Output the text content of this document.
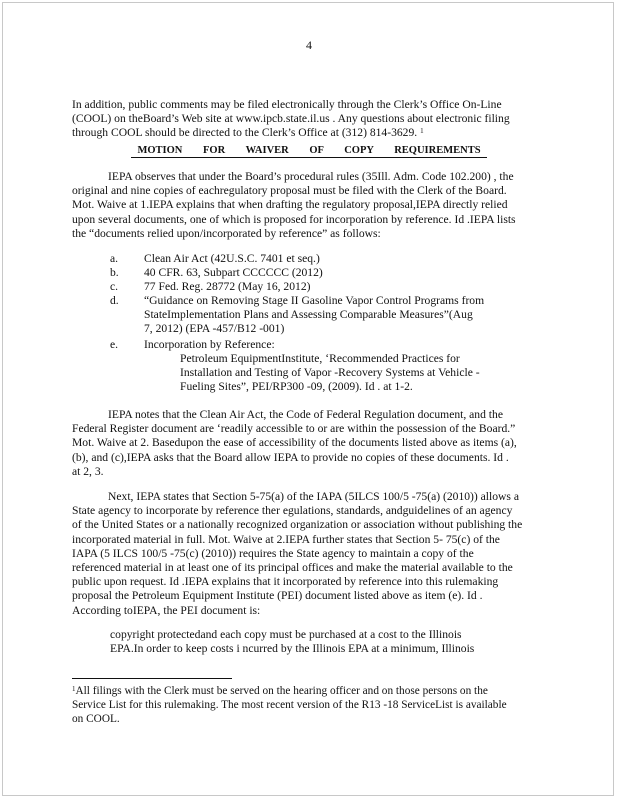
4
In addition, public comments may be filed electronically through the Clerk’s Office On-Line
(COOL) on theBoard’s Web site at www.ipcb.state.il.us . Any questions about electronic filing
through COOL should be directed to the Clerk’s Office at (312) 814-3629. $^1$
MOTION FOR WAIVER OF COPY REQUIREMENTS
IEPA observes that under the Board’s procedural rules (35Ill. Adm. Code 102.200) , the
original and nine copies of eachregulatory proposal must be filed with the Clerk of the Board.
Mot. Waive at 1.IEPA explains that when drafting the regulatory proposal,IEPA directly relied
upon several documents, one of which is proposed for incorporation by reference. Id .IEPA lists
the “documents relied upon/incorporated by reference” as follows:
a. Clean Air Act (42U.S.C. 7401 et seq.)
b. 40 CFR. 63, Subpart CCCCCC (2012)
c. 77 Fed. Reg. 28772 (May 16, 2012)
d. “Guidance on Removing Stage II Gasoline Vapor Control Programs from
StateImplementation Plans and Assessing Comparable Measures”(Aug
7, 2012) (EPA -457/B12 -001)
e. Incorporation by Reference:
Petroleum EquipmentInstitute, ‘Recommended Practices for
Installation and Testing of Vapor -Recovery Systems at Vehicle -
Fueling Sites”, PEI/RP300 -09, (2009). Id . at 1-2.
IEPA notes that the Clean Air Act, the Code of Federal Regulation document, and the
Federal Register document are ‘readily accessible to or are within the possession of the Board.”
Mot. Waive at 2. Basedupon the ease of accessibility of the documents listed above as items (a),
(b), and (c),IEPA asks that the Board allow IEPA to provide no copies of these documents. Id .
at 2, 3.
Next, IEPA states that Section 5-75(a) of the IAPA (5ILCS 100/5 -75(a) (2010)) allows a
State agency to incorporate by reference ther egulations, standards, andguidelines of an agency
of the United States or a nationally recognized organization or association without publishing the
incorporated material in full. Mot. Waive at 2.IEPA further states that Section 5- 75(c) of the
IAPA (5 ILCS 100/5 -75(c) (2010)) requires the State agency to maintain a copy of the
referenced material in at least one of its principal offices and make the material available to the
public upon request. Id .IEPA explains that it incorporated by reference into this rulemaking
proposal the Petroleum Equipment Institute (PEI) document listed above as item (e). Id .
According toIEPA, the PEI document is:
copyright protectedand each copy must be purchased at a cost to the Illinois
EPA.In order to keep costs i ncurred by the Illinois EPA at a minimum, Illinois
$^1$All filings with the Clerk must be served on the hearing officer and on those persons on the
Service List for this rulemaking. The most recent version of the R13 -18 ServiceList is available
on COOL.
